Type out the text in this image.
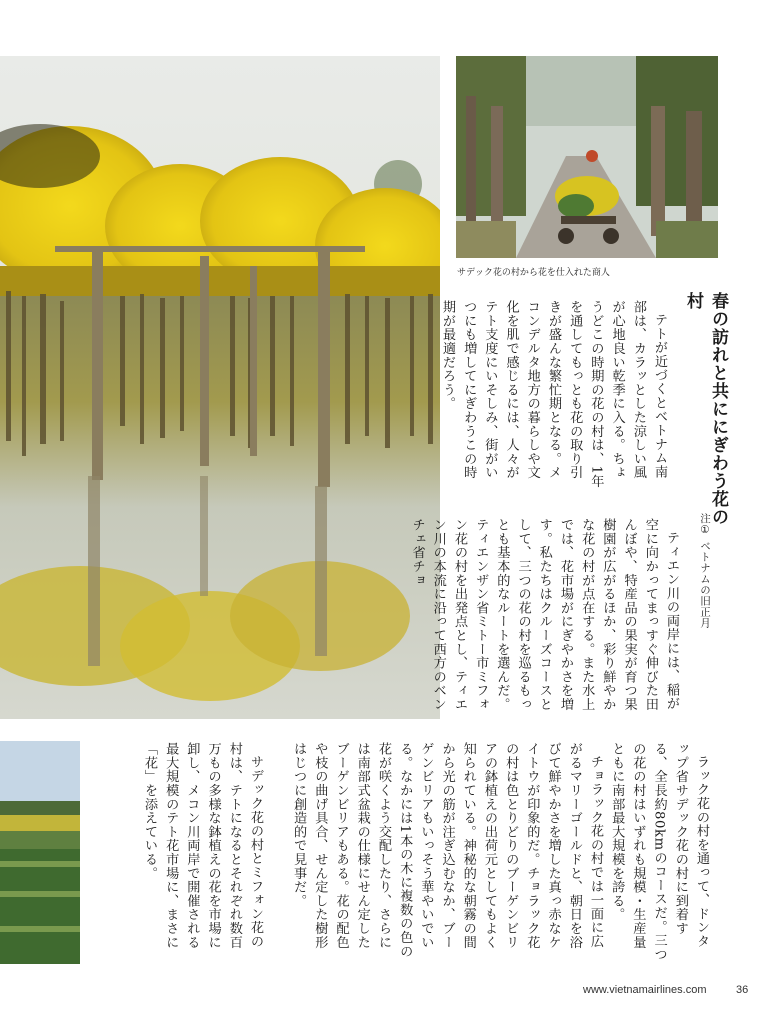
サデック花の村から花を仕入れた商人
春の訪れと共ににぎわう花の村
テトが近づくとベトナム南部は、カラッとした涼しい風が心地良い乾季に入る。ちょうどこの時期の花の村は、1年を通してもっとも花の取り引きが盛んな繁忙期となる。メコンデルタ地方の暮らしや文化を肌で感じるには、人々がテト支度にいそしみ、街がいつにも増してにぎわうこの時期が最適だろう。
注① ベトナムの旧正月
ティエン川の両岸には、稲が空に向かってまっすぐ伸びた田んぼや、特産品の果実が育つ果樹園が広がるほか、彩り鮮やかな花の村が点在する。また水上では、花市場がにぎやかさを増す。私たちはクルーズコースとして、三つの花の村を巡るもっとも基本的なルートを選んだ。ティエンザン省ミトー市ミフォン花の村を出発点とし、ティエン川の本流に沿って西方のベンチェ省チョ
ラック花の村を通って、ドンタップ省サデック花の村に到着する、全長約80kmのコースだ。三つの花の村はいずれも規模・生産量ともに南部最大規模を誇る。
チョラック花の村では一面に広がるマリーゴールドと、朝日を浴びて鮮やかさを増した真っ赤なケイトウが印象的だ。チョラック花の村は色とりどりのブーゲンビリアの鉢植えの出荷元としてもよく知られている。神秘的な朝霧の間から光の筋が注ぎ込むなか、ブーゲンビリアもいっそう華やいでいる。なかには1本の木に複数の色の花が咲くよう交配したり、さらには南部式盆栽の仕様にせん定したブーゲンビリアもある。花の配色や枝の曲げ具合、せん定した樹形はじつに創造的で見事だ。
サデック花の村とミフォン花の村は、テトになるとそれぞれ数百万もの多様な鉢植えの花を市場に卸し、メコン川両岸で開催される最大規模のテト花市場に、まさに「花」を添えている。
www.vietnamairlines.com	36
